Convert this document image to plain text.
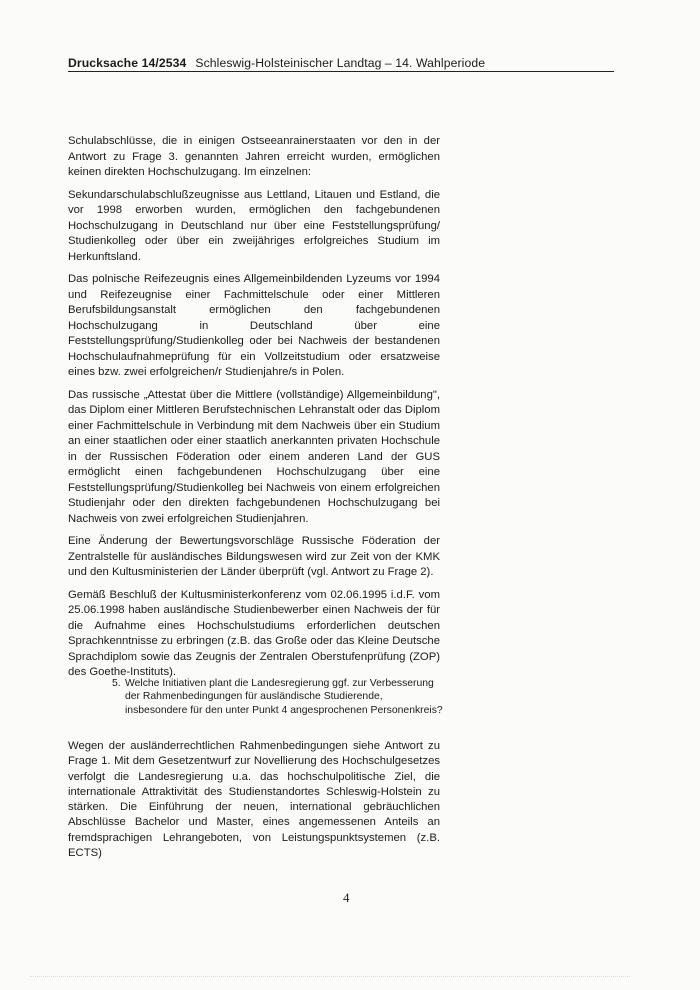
Drucksache 14/2534 Schleswig-Holsteinischer Landtag – 14. Wahlperiode

Schulabschlüsse, die in einigen Ostseeanrainerstaaten vor den in der Antwort zu Frage 3. genannten Jahren erreicht wurden, ermöglichen keinen direkten Hochschulzugang. Im einzelnen:

Sekundarschulabschlußzeugnisse aus Lettland, Litauen und Estland, die vor 1998 erworben wurden, ermöglichen den fachgebundenen Hochschulzugang in Deutschland nur über eine Feststellungsprüfung/ Studienkolleg oder über ein zweijähriges erfolgreiches Studium im Herkunftsland.

Das polnische Reifezeugnis eines Allgemeinbildenden Lyzeums vor 1994 und Reifezeugnise einer Fachmittelschule oder einer Mittleren Berufsbildungsanstalt ermöglichen den fachgebundenen Hochschulzugang in Deutschland über eine Feststellungsprüfung/Studienkolleg oder bei Nachweis der bestandenen Hochschulaufnahmeprüfung für ein Vollzeitstudium oder ersatzweise eines bzw. zwei erfolgreichen/r Studienjahre/s in Polen.

Das russische „Attestat über die Mittlere (vollständige) Allgemeinbildung", das Diplom einer Mittleren Berufstechnischen Lehranstalt oder das Diplom einer Fachmittelschule in Verbindung mit dem Nachweis über ein Studium an einer staatlichen oder einer staatlich anerkannten privaten Hochschule in der Russischen Föderation oder einem anderen Land der GUS ermöglicht einen fachgebundenen Hochschulzugang über eine Feststellungsprüfung/Studienkolleg bei Nachweis von einem erfolgreichen Studienjahr oder den direkten fachgebundenen Hochschulzugang bei Nachweis von zwei erfolgreichen Studienjahren.

Eine Änderung der Bewertungsvorschläge Russische Föderation der Zentralstelle für ausländisches Bildungswesen wird zur Zeit von der KMK und den Kultusministerien der Länder überprüft (vgl. Antwort zu Frage 2).

Gemäß Beschluß der Kultusministerkonferenz vom 02.06.1995 i.d.F. vom 25.06.1998 haben ausländische Studienbewerber einen Nachweis der für die Aufnahme eines Hochschulstudiums erforderlichen deutschen Sprachkenntnisse zu erbringen (z.B. das Große oder das Kleine Deutsche Sprachdiplom sowie das Zeugnis der Zentralen Oberstufenprüfung (ZOP) des Goethe-Instituts).

5. Welche Initiativen plant die Landesregierung ggf. zur Verbesserung der Rahmenbedingungen für ausländische Studierende, insbesondere für den unter Punkt 4 angesprochenen Personenkreis?

Wegen der ausländerrechtlichen Rahmenbedingungen siehe Antwort zu Frage 1. Mit dem Gesetzentwurf zur Novellierung des Hochschulgesetzes verfolgt die Landesregierung u.a. das hochschulpolitische Ziel, die internationale Attraktivität des Studienstandortes Schleswig-Holstein zu stärken. Die Einführung der neuen, international gebräuchlichen Abschlüsse Bachelor und Master, eines angemessenen Anteils an fremdsprachigen Lehrangeboten, von Leistungspunktsystemen (z.B. ECTS)

4
